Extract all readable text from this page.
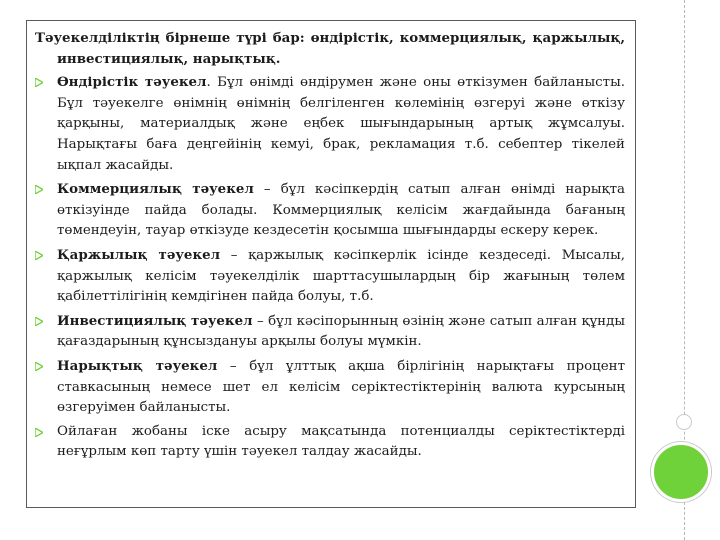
Тәуекелділіктің бірнеше түрі бар: өндірістік, коммерциялық, қаржылық, инвестициялық, нарықтық.
Өндірістік тәуекел. Бұл өнімді өндірумен және оны өткізумен байланысты. Бұл тәуекелге өнімнің өнімнің белгіленген көлемінің өзгеруі және өткізу қарқыны, материалдық және еңбек шығындарының артық жұмсалуы. Нарықтағы баға деңгейінің кемуі, брак, рекламация т.б. себептер тікелей ықпал жасайды.
Коммерциялық тәуекел – бұл кәсіпкердің сатып алған өнімді нарықта өткізуінде пайда болады. Коммерциялық келісім жағдайында бағаның төмендеуін, тауар өткізуде кездесетін қосымша шығындарды ескеру керек.
Қаржылық тәуекел – қаржылық кәсіпкерлік ісінде кездеседі. Мысалы, қаржылық келісім тәуекелділік шарттасушылардың бір жағының төлем қабілеттілігінің кемдігінен пайда болуы, т.б.
Инвестициялық тәуекел – бұл кәсіпорынның өзінің және сатып алған құнды қағаздарының құнсыздануы арқылы болуы мүмкін.
Нарықтық тәуекел – бұл ұлттық ақша бірлігінің нарықтағы процент ставкасының немесе шет ел келісім серіктестіктерінің валюта курсының өзгеруімен байланысты.
Ойлаған жобаны іске асыру мақсатында потенциалды серіктестіктерді неғұрлым көп тарту үшін тәуекел талдау жасайды.
